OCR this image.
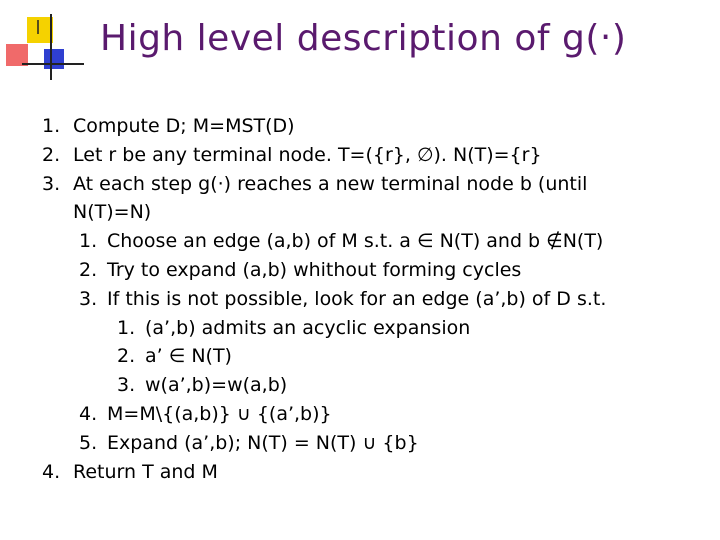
High level description of g(‧)
1. Compute D; M=MST(D)
2. Let r be any terminal node. T=({r}, ∅). N(T)={r}
3. At each step g(‧) reaches a new terminal node b (until
N(T)=N)
1. Choose an edge (a,b) of M s.t. a ∈ N(T) and b ∉N(T)
2. Try to expand (a,b) whithout forming cycles
3. If this is not possible, look for an edge (a’,b) of D s.t.
1. (a’,b) admits an acyclic expansion
2. a’ ∈ N(T)
3. w(a’,b)=w(a,b)
4. M=M\{(a,b)} ∪ {(a’,b)}
5. Expand (a’,b); N(T) = N(T) ∪ {b}
4. Return T and M
